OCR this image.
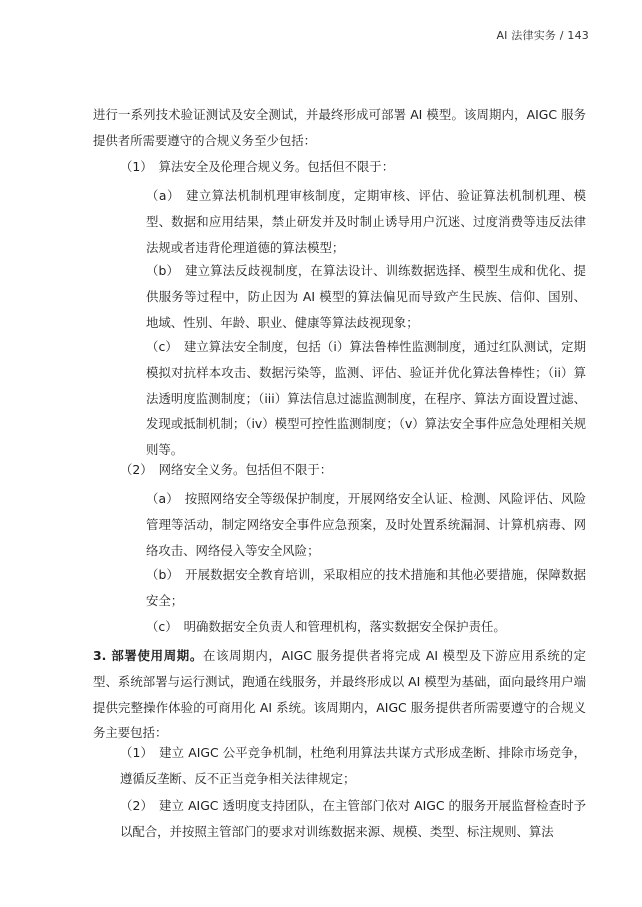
AI 法律实务 / 143

进行一系列技术验证测试及安全测试，并最终形成可部署 AI 模型。该周期内，AIGC 服务提供者所需要遵守的合规义务至少包括：

（1） 算法安全及伦理合规义务。包括但不限于：

（a） 建立算法机制机理审核制度，定期审核、评估、验证算法机制机理、模型、数据和应用结果，禁止研发并及时制止诱导用户沉迷、过度消费等违反法律法规或者违背伦理道德的算法模型；

（b） 建立算法反歧视制度，在算法设计、训练数据选择、模型生成和优化、提供服务等过程中，防止因为 AI 模型的算法偏见而导致产生民族、信仰、国别、地域、性别、年龄、职业、健康等算法歧视现象；

（c） 建立算法安全制度，包括（i）算法鲁棒性监测制度，通过红队测试，定期模拟对抗样本攻击、数据污染等，监测、评估、验证并优化算法鲁棒性；（ii）算法透明度监测制度；（iii）算法信息过滤监测制度，在程序、算法方面设置过滤、发现或抵制机制；（iv）模型可控性监测制度；（v）算法安全事件应急处理相关规则等。

（2） 网络安全义务。包括但不限于：

（a） 按照网络安全等级保护制度，开展网络安全认证、检测、风险评估、风险管理等活动，制定网络安全事件应急预案，及时处置系统漏洞、计算机病毒、网络攻击、网络侵入等安全风险；

（b） 开展数据安全教育培训，采取相应的技术措施和其他必要措施，保障数据安全；

（c） 明确数据安全负责人和管理机构，落实数据安全保护责任。

3. 部署使用周期。在该周期内，AIGC 服务提供者将完成 AI 模型及下游应用系统的定型、系统部署与运行测试，跑通在线服务，并最终形成以 AI 模型为基础，面向最终用户端提供完整操作体验的可商用化 AI 系统。该周期内，AIGC 服务提供者所需要遵守的合规义务主要包括：

（1） 建立 AIGC 公平竞争机制，杜绝利用算法共谋方式形成垄断、排除市场竞争，遵循反垄断、反不正当竞争相关法律规定；

（2） 建立 AIGC 透明度支持团队，在主管部门依对 AIGC 的服务开展监督检查时予以配合，并按照主管部门的要求对训练数据来源、规模、类型、标注规则、算法
